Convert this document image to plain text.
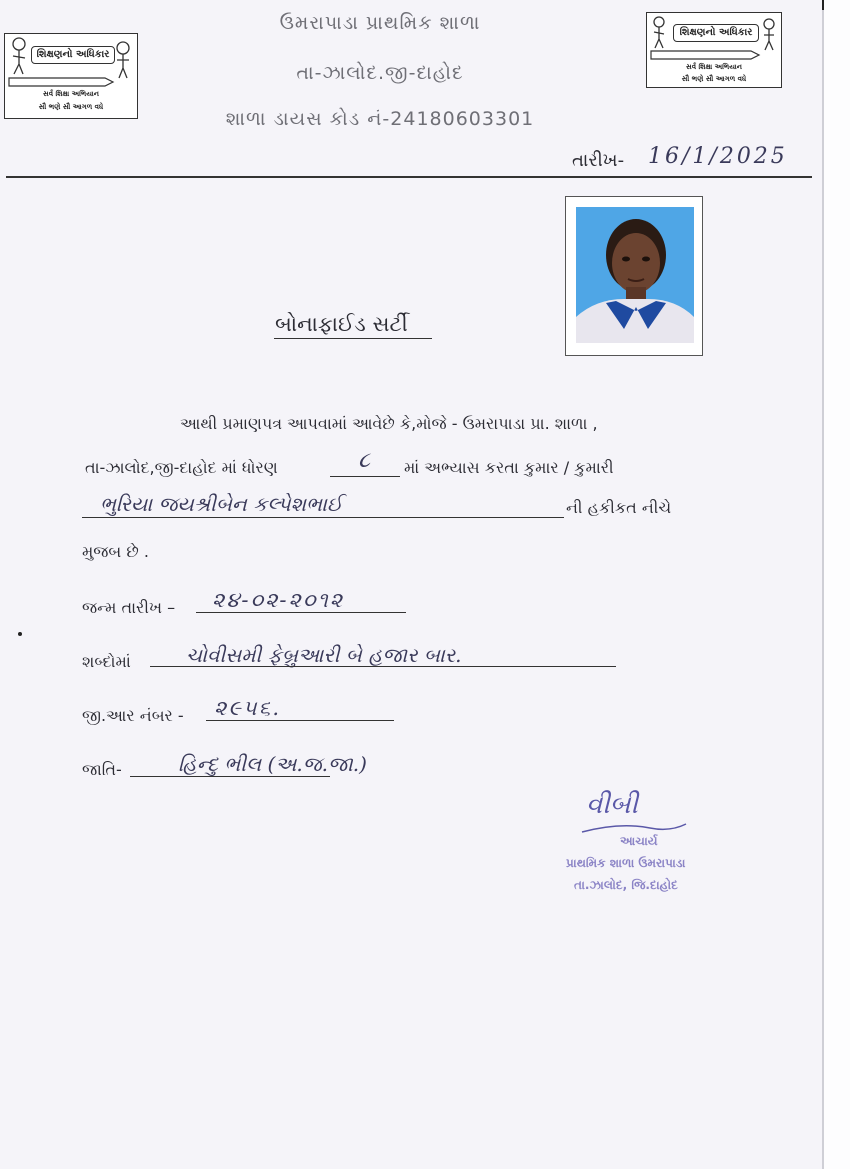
શિક્ષણનો અધિકાર
સર્વ શિક્ષા અભિયાન
સૌ ભણે સૌ આગળ વધે
શિક્ષણનો અધિકાર
સર્વ શિક્ષા અભિયાન
સૌ ભણે સૌ આગળ વધે
ઉમરાપાડા પ્રાથમિક શાળા
તા-ઝાલોદ.જી-દાહોદ
શાળા ડાયસ કોડ નં-24180603301
તારીખ- 16/1/2025
બોનાફાઈડ સર્ટી
આથી પ્રમાણપત્ર આપવામાં આવેછે કે,મોજે - ઉમરાપાડા પ્રા. શાળા ,
તા-ઝાલોદ,જી-દાહોદ માં ધોરણ	૮ માં અભ્યાસ કરતા કુમાર / કુમારી
ભુરિયા જયશ્રીબેન કલ્પેશભાઈ	ની હકીકત નીચે
મુજબ છે .
જન્મ તારીખ – ૨૪-૦૨-૨૦૧૨
શબ્દોમાં	ચોવીસમી ફેબ્રુઆરી બે હજાર બાર.
જી.આર નંબર - ૨૯૫૬.
જાતિ-	હિન્દુ ભીલ (અ.જ.જા.)
વીબી
આચાર્ય
પ્રાથમિક શાળા ઉમરાપાડા
તા.ઝાલોદ, જિ.દાહોદ
